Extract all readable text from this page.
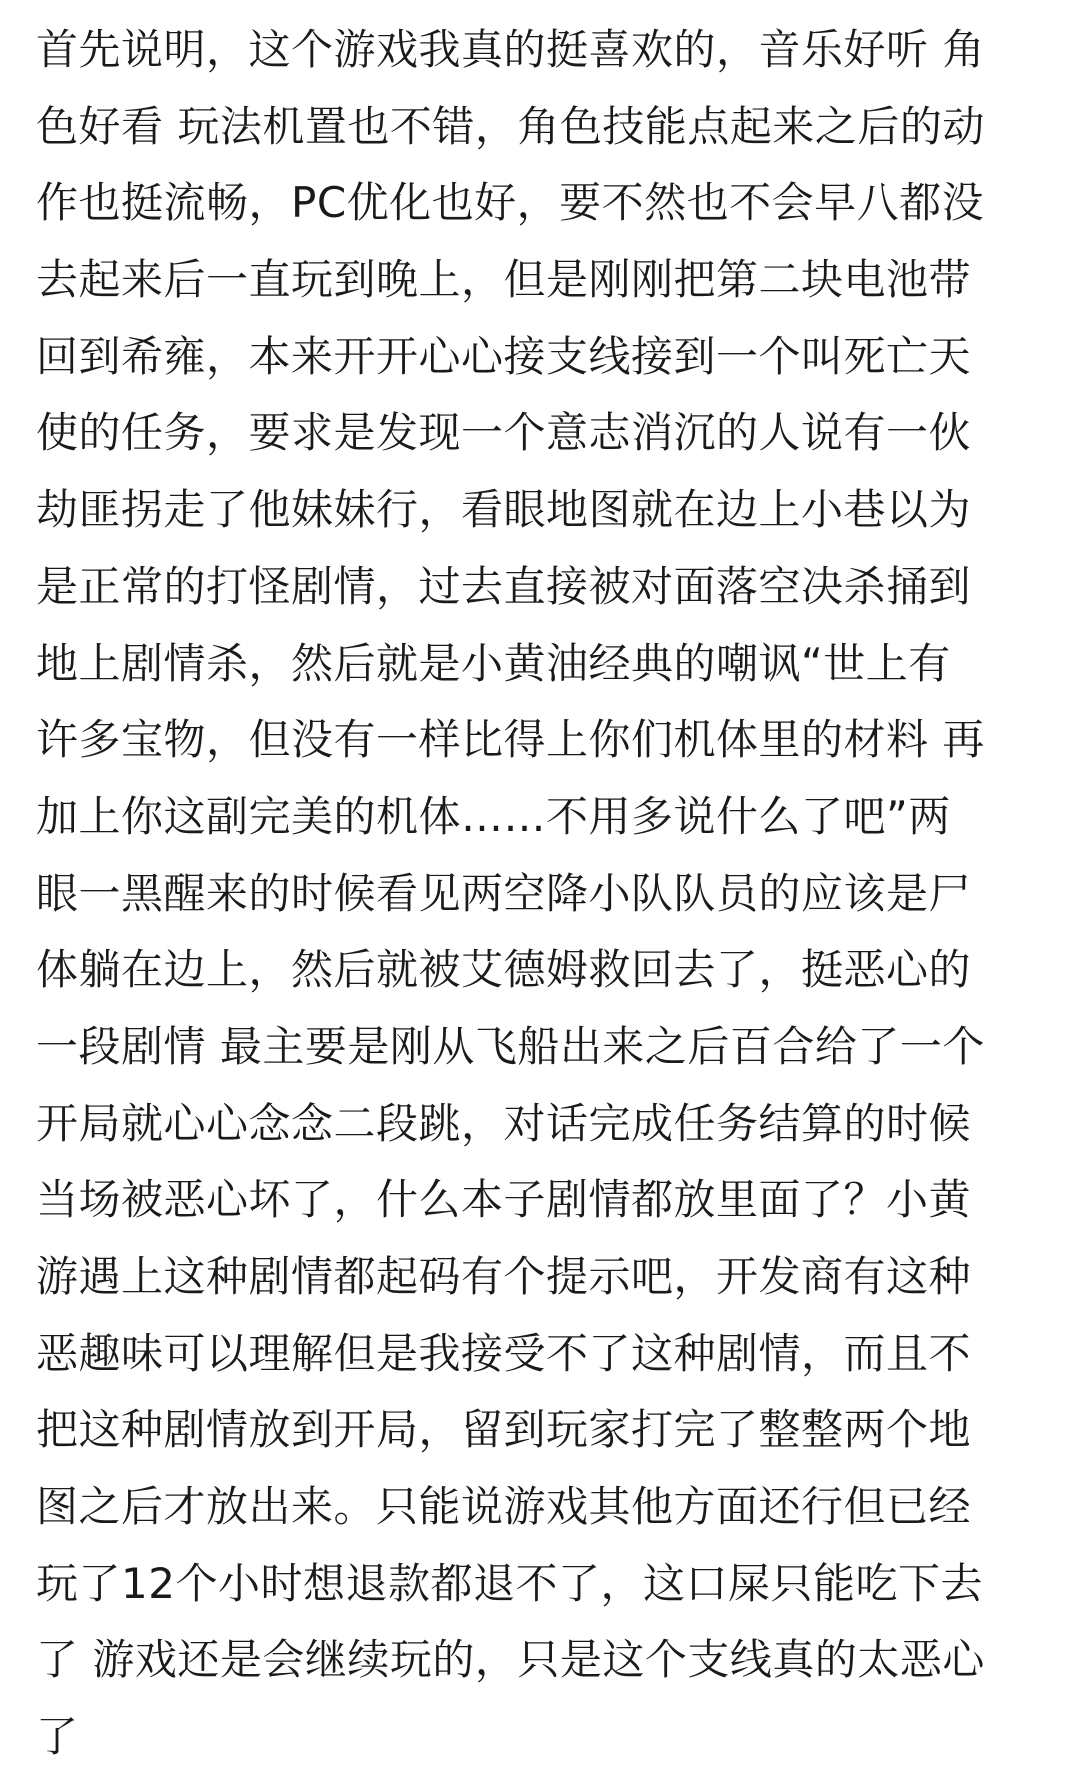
首先说明，这个游戏我真的挺喜欢的，音乐好听 角
色好看 玩法机置也不错，角色技能点起来之后的动
作也挺流畅，PC优化也好，要不然也不会早八都没
去起来后一直玩到晚上，但是刚刚把第二块电池带
回到希雍，本来开开心心接支线接到一个叫死亡天
使的任务，要求是发现一个意志消沉的人说有一伙
劫匪拐走了他妹妹行，看眼地图就在边上小巷以为
是正常的打怪剧情，过去直接被对面落空决杀捅到
地上剧情杀，然后就是小黄油经典的嘲讽“世上有
许多宝物，但没有一样比得上你们机体里的材料 再
加上你这副完美的机体……不用多说什么了吧”两
眼一黑醒来的时候看见两空降小队队员的应该是尸
体躺在边上，然后就被艾德姆救回去了，挺恶心的
一段剧情 最主要是刚从飞船出来之后百合给了一个
开局就心心念念二段跳，对话完成任务结算的时候
当场被恶心坏了，什么本子剧情都放里面了？小黄
游遇上这种剧情都起码有个提示吧，开发商有这种
恶趣味可以理解但是我接受不了这种剧情，而且不
把这种剧情放到开局，留到玩家打完了整整两个地
图之后才放出来。只能说游戏其他方面还行但已经
玩了12个小时想退款都退不了，这口屎只能吃下去
了 游戏还是会继续玩的，只是这个支线真的太恶心
了
